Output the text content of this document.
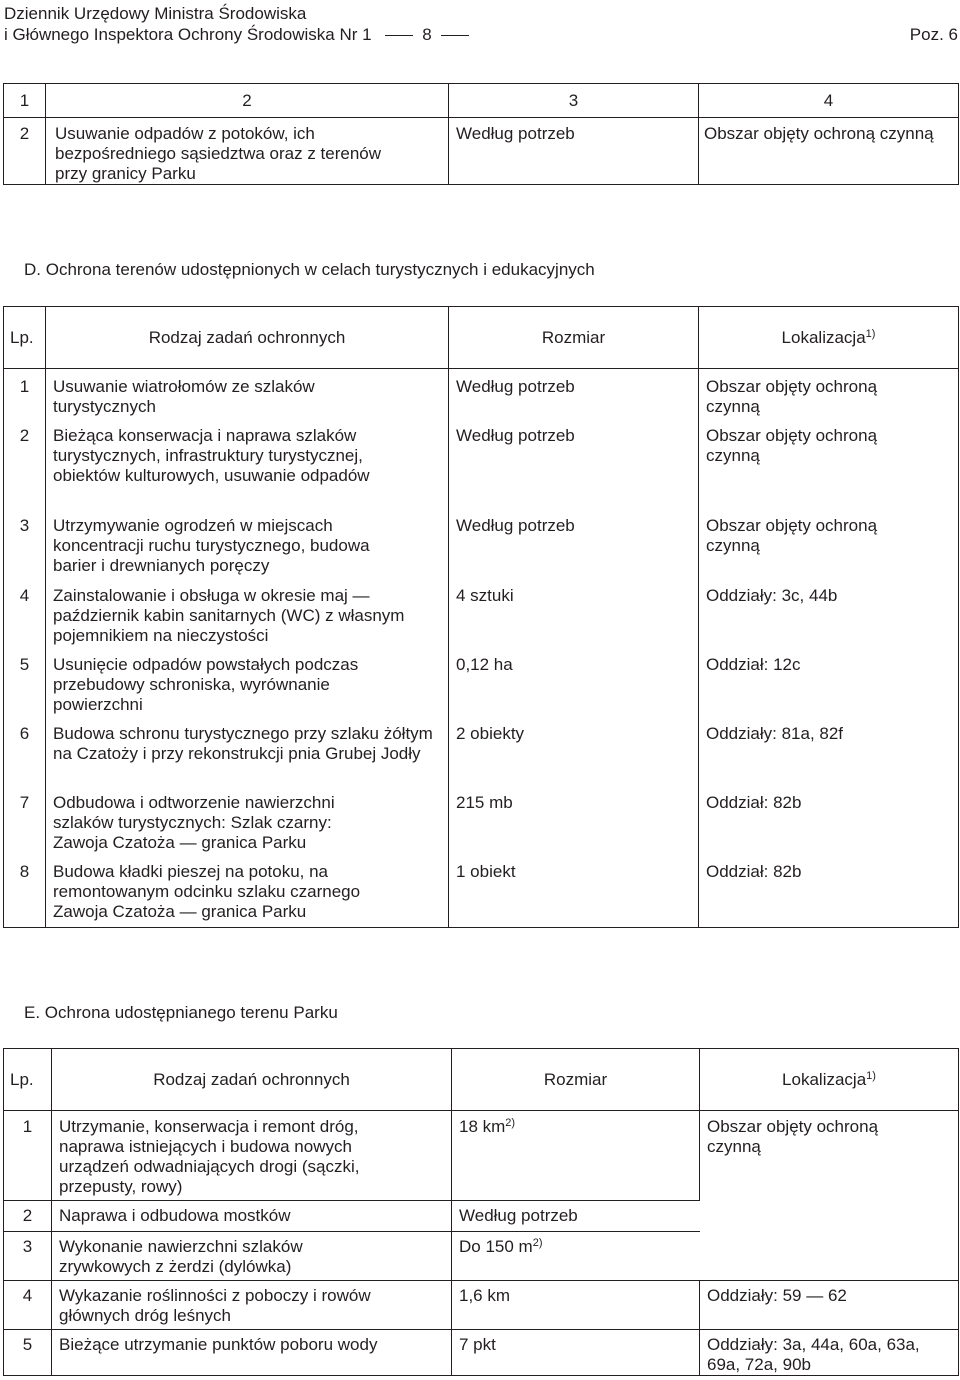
Dziennik Urzędowy Ministra Środowiska
i Głównego Inspektora Ochrony Środowiska Nr 1	8	Poz. 6
1	2	3	4
2	Usuwanie odpadów z potoków, ich bezpośredniego sąsiedztwa oraz z terenów przy granicy Parku	Według potrzeb	Obszar objęty ochroną czynną
D. Ochrona terenów udostępnionych w celach turystycznych i edukacyjnych
Lp.	Rodzaj zadań ochronnych	Rozmiar	Lokalizacja$^{1)}$
1	Usuwanie wiatrołomów ze szlaków turystycznych	Według potrzeb	Obszar objęty ochroną czynną
2	Bieżąca konserwacja i naprawa szlaków turystycznych, infrastruktury turystycznej, obiektów kulturowych, usuwanie odpadów	Według potrzeb	Obszar objęty ochroną czynną
3	Utrzymywanie ogrodzeń w miejscach koncentracji ruchu turystycznego, budowa barier i drewnianych poręczy	Według potrzeb	Obszar objęty ochroną czynną
4	Zainstalowanie i obsługa w okresie maj — październik kabin sanitarnych (WC) z własnym pojemnikiem na nieczystości	4 sztuki	Oddziały: 3c, 44b
5	Usunięcie odpadów powstałych podczas przebudowy schroniska, wyrównanie powierzchni	0,12 ha	Oddział: 12c
6	Budowa schronu turystycznego przy szlaku żółtym na Czatoży i przy rekonstrukcji pnia Grubej Jodły	2 obiekty	Oddziały: 81a, 82f
7	Odbudowa i odtworzenie nawierzchni szlaków turystycznych: Szlak czarny: Zawoja Czatoża — granica Parku	215 mb	Oddział: 82b
8	Budowa kładki pieszej na potoku, na remontowanym odcinku szlaku czarnego Zawoja Czatoża — granica Parku	1 obiekt	Oddział: 82b
E. Ochrona udostępnianego terenu Parku
Lp.	Rodzaj zadań ochronnych	Rozmiar	Lokalizacja$^{1)}$
1	Utrzymanie, konserwacja i remont dróg, naprawa istniejących i budowa nowych urządzeń odwadniających drogi (sączki, przepusty, rowy)	18 $km^{2)}$	Obszar objęty ochroną czynną
2	Naprawa i odbudowa mostków	Według potrzeb	
3	Wykonanie nawierzchni szlaków zrywkowych z żerdzi (dylówka)	Do 150 $m^{2)}$
4	Wykazanie roślinności z poboczy i rowów głównych dróg leśnych	1,6 km	Oddziały: 59 — 62
5	Bieżące utrzymanie punktów poboru wody	7 pkt	Oddziały: 3a, 44a, 60a, 63a, 69a, 72a, 90b
